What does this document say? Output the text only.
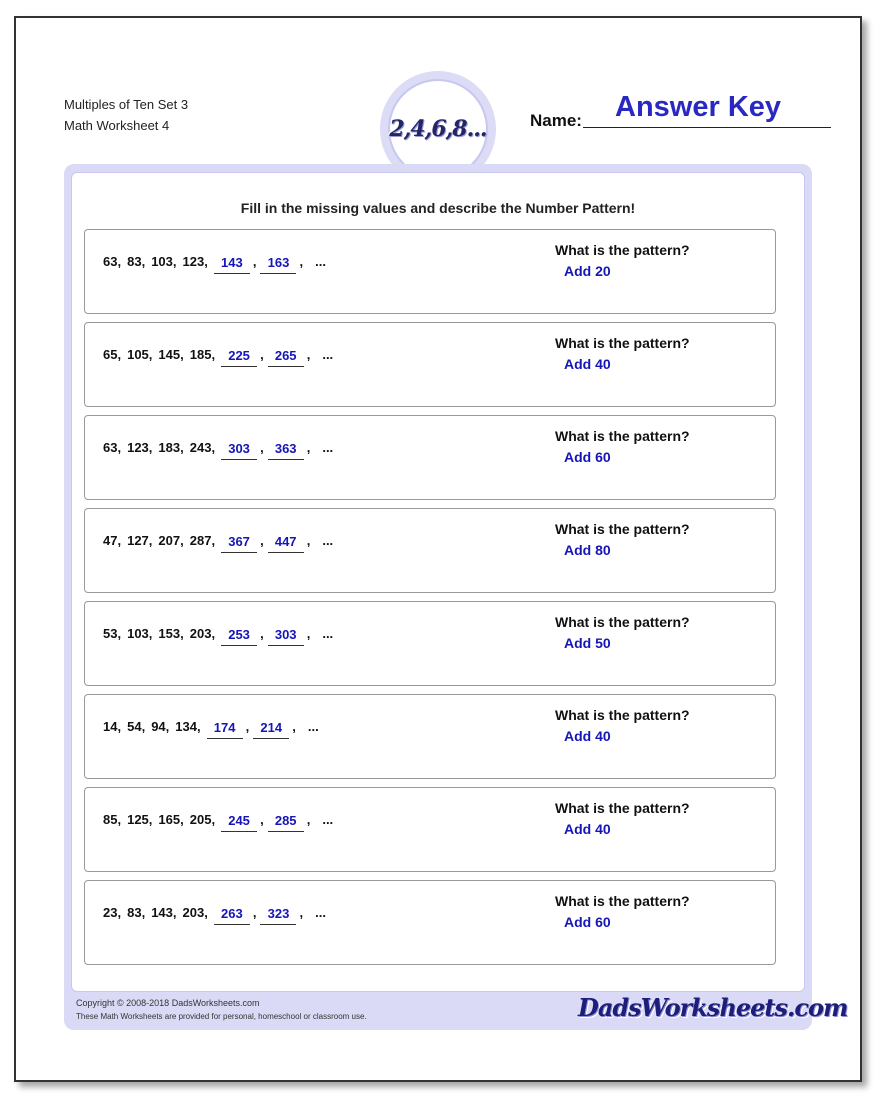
Multiples of Ten Set 3
Math Worksheet 4	2,4,6,8...	Name: Answer Key
Fill in the missing values and describe the Number Pattern!
63 , 83 , 103 , 123 ,	143 , 163 , ...
What is the pattern?
Add 20
65 , 105 , 145 , 185 ,	225 , 265 , ...
What is the pattern?
Add 40
63 , 123 , 183 , 243 ,	303 , 363 , ...
What is the pattern?
Add 60
47 , 127 , 207 , 287 ,	367 , 447 , ...
What is the pattern?
Add 80
53 , 103 , 153 , 203 ,	253 , 303 , ...
What is the pattern?
Add 50
14 , 54 , 94 , 134 ,	174 , 214 , ...
What is the pattern?
Add 40
85 , 125 , 165 , 205 ,	245 , 285 , ...
What is the pattern?
Add 40
23 , 83 , 143 , 203 ,	263 , 323 , ...
What is the pattern?
Add 60
Copyright © 2008-2018 DadsWorksheets.com
These Math Worksheets are provided for personal, homeschool or classroom use.	DadsWorksheets.com
